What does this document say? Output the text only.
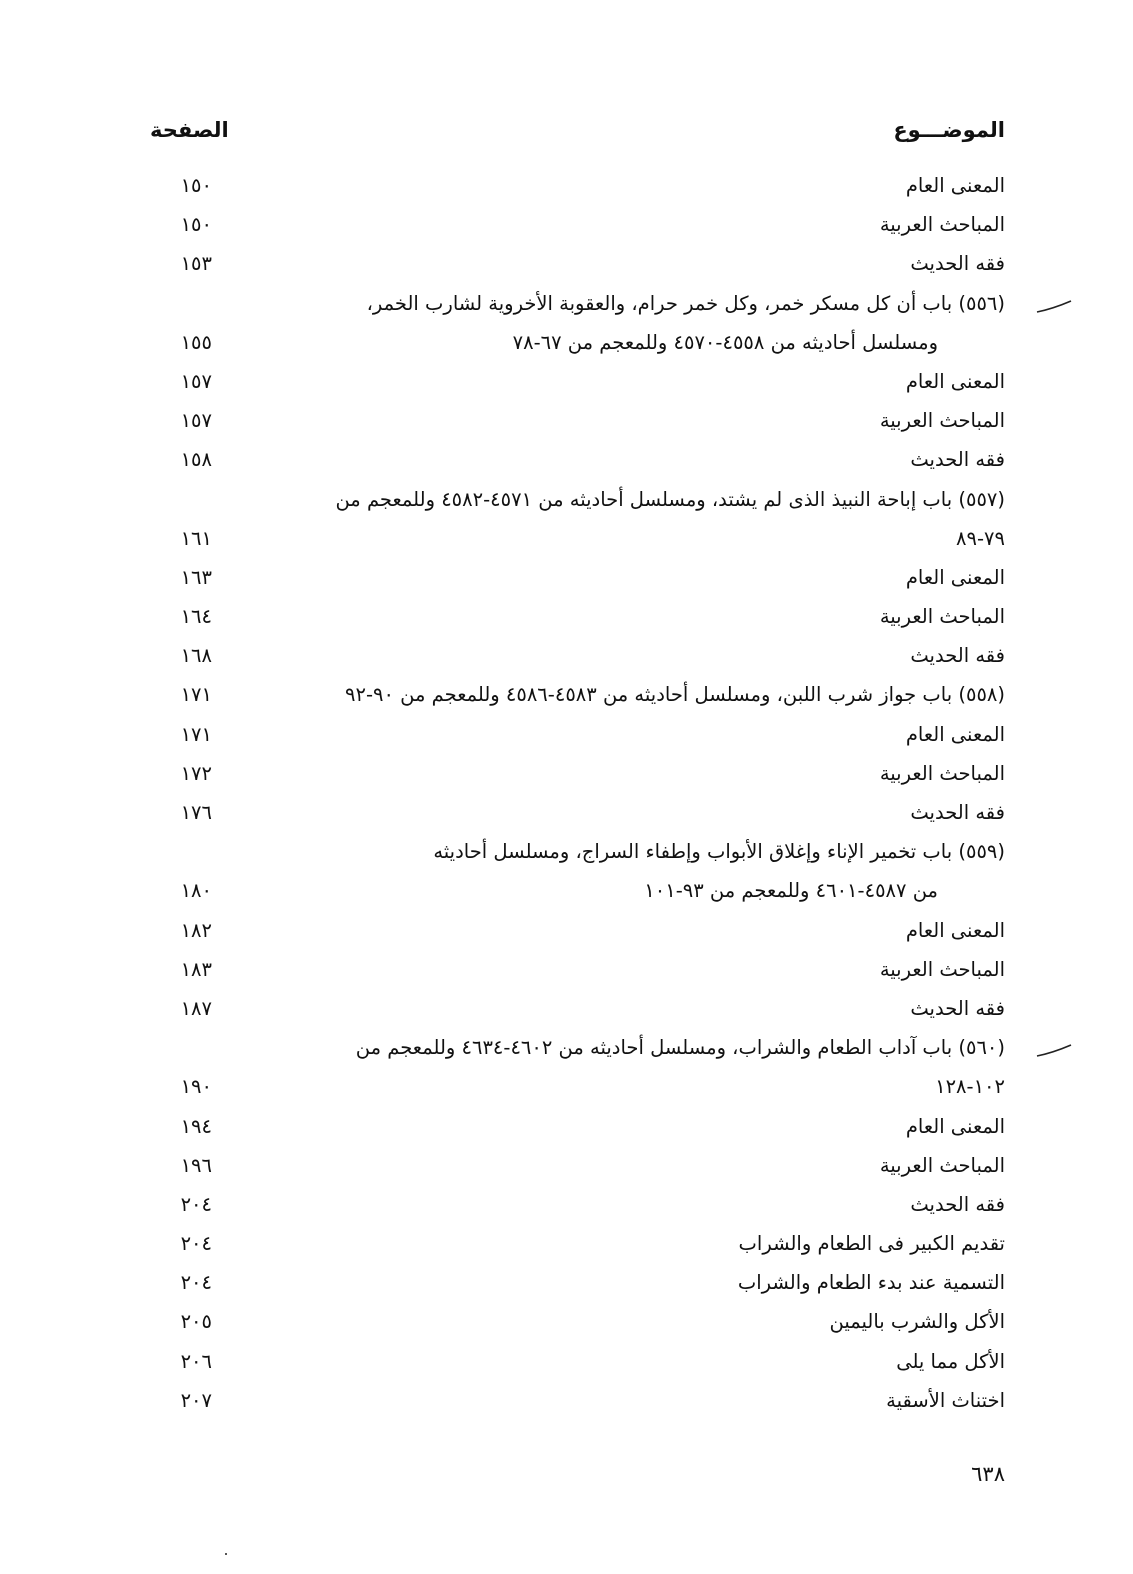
الموضـــوع
الصفحة
المعنى العام
١٥٠
المباحث العربية
١٥٠
فقه الحديث
١٥٣
(٥٥٦) باب أن كل مسكر خمر، وكل خمر حرام، والعقوبة الأخروية لشارب الخمر،
ومسلسل أحاديثه من ٤٥٥٨-٤٥٧٠ وللمعجم من ٦٧-٧٨
١٥٥
المعنى العام
١٥٧
المباحث العربية
١٥٧
فقه الحديث
١٥٨
(٥٥٧) باب إباحة النبيذ الذى لم يشتد، ومسلسل أحاديثه من ٤٥٧١-٤٥٨٢ وللمعجم من
٧٩-٨٩
١٦١
المعنى العام
١٦٣
المباحث العربية
١٦٤
فقه الحديث
١٦٨
(٥٥٨) باب جواز شرب اللبن، ومسلسل أحاديثه من ٤٥٨٣-٤٥٨٦ وللمعجم من ٩٠-٩٢
١٧١
المعنى العام
١٧١
المباحث العربية
١٧٢
فقه الحديث
١٧٦
(٥٥٩) باب تخمير الإناء وإغلاق الأبواب وإطفاء السراج، ومسلسل أحاديثه
من ٤٥٨٧-٤٦٠١ وللمعجم من ٩٣-١٠١
١٨٠
المعنى العام
١٨٢
المباحث العربية
١٨٣
فقه الحديث
١٨٧
(٥٦٠) باب آداب الطعام والشراب، ومسلسل أحاديثه من ٤٦٠٢-٤٦٣٤ وللمعجم من
١٠٢-١٢٨
١٩٠
المعنى العام
١٩٤
المباحث العربية
١٩٦
فقه الحديث
٢٠٤
تقديم الكبير فى الطعام والشراب
٢٠٤
التسمية عند بدء الطعام والشراب
٢٠٤
الأكل والشرب باليمين
٢٠٥
الأكل مما يلى
٢٠٦
اختناث الأسقية
٢٠٧
٦٣٨
